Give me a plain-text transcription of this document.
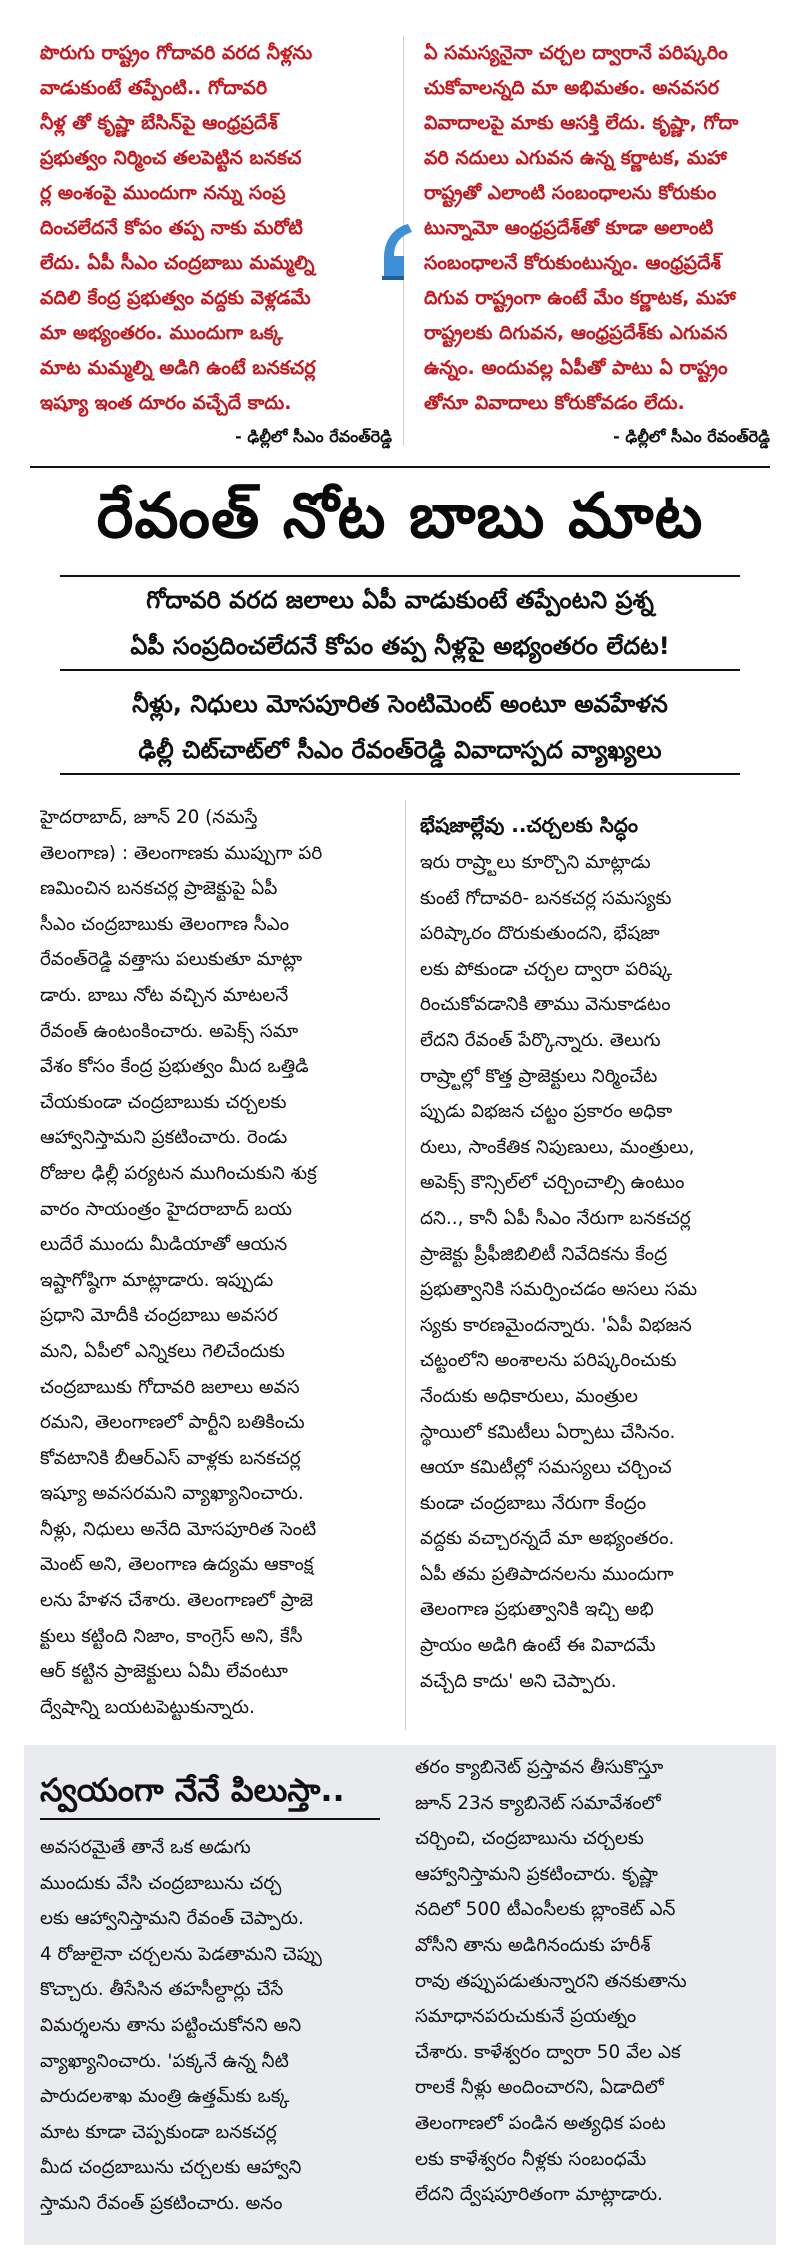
పొరుగు రాష్ట్రం గోదావరి వరద నీళ్లను

వాడుకుంటే తప్పేంటి.. గోదావరి

నీళ్ల తో కృష్ణా బేసిన్‌పై ఆంధ్రప్రదేశ్

ప్రభుత్వం నిర్మించ తలపెట్టిన బనకచ

ర్ల అంశంపై ముందుగా నన్ను సంప్ర

దించలేదనే కోపం తప్ప నాకు మరోటి

లేదు. ఏపీ సీఎం చంద్రబాబు మమ్మల్ని

వదిలి కేంద్ర ప్రభుత్వం వద్దకు వెళ్లడమే

మా అభ్యంతరం. ముందుగా ఒక్క

మాట మమ్మల్ని అడిగి ఉంటే బనకచర్ల

ఇష్యూ ఇంత దూరం వచ్చేదే కాదు.

- ఢిల్లీలో సీఎం రేవంత్‌రెడ్డి

ఏ సమస్యనైనా చర్చల ద్వారానే పరిష్కరిం

చుకోవాలన్నది మా అభిమతం. అనవసర

వివాదాలపై మాకు ఆసక్తి లేదు. కృష్ణా, గోదా

వరి నదులు ఎగువన ఉన్న కర్ణాటక, మహా

రాష్ట్రతో ఎలాంటి సంబంధాలను కోరుకుం

టున్నామో ఆంధ్రప్రదేశ్‌తో కూడా అలాంటి

సంబంధాలనే కోరుకుంటున్నం. ఆంధ్రప్రదేశ్

దిగువ రాష్ట్రంగా ఉంటే మేం కర్ణాటక, మహా

రాష్ట్రలకు దిగువన, ఆంధ్రప్రదేశ్‌కు ఎగువన

ఉన్నం. అందువల్ల ఏపీతో పాటు ఏ రాష్ట్రం

తోనూ వివాదాలు కోరుకోవడం లేదు.

- ఢిల్లీలో సీఎం రేవంత్‌రెడ్డి
రేవంత్ నోట బాబు మాట
గోదావరి వరద జలాలు ఏపీ వాడుకుంటే తప్పేంటని ప్రశ్న
ఏపీ సంప్రదించలేదనే కోపం తప్ప నీళ్లపై అభ్యంతరం లేదట!
నీళ్లు, నిధులు మోసపూరిత సెంటిమెంట్ అంటూ అవహేళన
ఢిల్లీ చిట్‌చాట్‌లో సీఎం రేవంత్‌రెడ్డి వివాదాస్పద వ్యాఖ్యలు

హైదరాబాద్, జూన్ 20 (నమస్తే

తెలంగాణ) : తెలంగాణకు ముప్పుగా పరి

ణమించిన బనకచర్ల ప్రాజెక్టుపై ఏపీ

సీఎం చంద్రబాబుకు తెలంగాణ సీఎం

రేవంత్‌రెడ్డి వత్తాసు పలుకుతూ మాట్లా

డారు. బాబు నోట వచ్చిన మాటలనే

రేవంత్ ఉంటంకించారు. అపెక్స్ సమా

వేశం కోసం కేంద్ర ప్రభుత్వం మీద ఒత్తిడి

చేయకుండా చంద్రబాబుకు చర్చలకు

ఆహ్వానిస్తామని ప్రకటించారు. రెండు

రోజుల ఢిల్లీ పర్యటన ముగించుకుని శుక్ర

వారం సాయంత్రం హైదరాబాద్ బయ

లుదేరే ముందు మీడియాతో ఆయన

ఇష్టాగోష్ఠిగా మాట్లాడారు. ఇప్పుడు

ప్రధాని మోదీకి చంద్రబాబు అవసర

మని, ఏపీలో ఎన్నికలు గెలిచేందుకు

చంద్రబాబుకు గోదావరి జలాలు అవస

రమని, తెలంగాణలో పార్టీని బతికించు

కోవటానికి బీఆర్‌ఎస్ వాళ్లకు బనకచర్ల

ఇష్యూ అవసరమని వ్యాఖ్యానించారు.

నీళ్లు, నిధులు అనేది మోసపూరిత సెంటి

మెంట్ అని, తెలంగాణ ఉద్యమ ఆకాంక్ష

లను హేళన చేశారు. తెలంగాణలో ప్రాజె

క్టులు కట్టింది నిజాం, కాంగ్రెస్ అని, కేసీ

ఆర్ కట్టిన ప్రాజెక్టులు ఏమీ లేవంటూ

ద్వేషాన్ని బయటపెట్టుకున్నారు.

భేషజాల్లేవు ..చర్చలకు సిద్ధం

ఇరు రాష్ర్టాలు కూర్చొని మాట్లాడు

కుంటే గోదావరి- బనకచర్ల సమస్యకు

పరిష్కారం దొరుకుతుందని, భేషజా

లకు పోకుండా చర్చల ద్వారా పరిష్క

రించుకోవడానికి తాము వెనుకాడటం

లేదని రేవంత్ పేర్కొన్నారు. తెలుగు

రాష్ర్టాల్లో కొత్త ప్రాజెక్టులు నిర్మించేట

ప్పుడు విభజన చట్టం ప్రకారం అధికా

రులు, సాంకేతిక నిపుణులు, మంత్రులు,

అపెక్స్ కౌన్సిల్‌లో చర్చించాల్సి ఉంటుం

దని.., కానీ ఏపీ సీఎం నేరుగా బనకచర్ల

ప్రాజెక్టు ప్రీఫీజిబిలిటీ నివేదికను కేంద్ర

ప్రభుత్వానికి సమర్పించడం అసలు సమ

స్యకు కారణమైందన్నారు. 'ఏపీ విభజన

చట్టంలోని అంశాలను పరిష్కరించుకు

నేందుకు అధికారులు, మంత్రుల

స్థాయిలో కమిటీలు ఏర్పాటు చేసినం.

ఆయా కమిటీల్లో సమస్యలు చర్చించ

కుండా చంద్రబాబు నేరుగా కేంద్రం

వద్దకు వచ్చారన్నదే మా అభ్యంతరం.

ఏపీ తమ ప్రతిపాదనలను ముందుగా

తెలంగాణ ప్రభుత్వానికి ఇచ్చి అభి

ప్రాయం అడిగి ఉంటే ఈ వివాదమే

వచ్చేది కాదు' అని చెప్పారు.

స్వయంగా నేనే పిలుస్తా..

అవసరమైతే తానే ఒక అడుగు

ముందుకు వేసి చంద్రబాబును చర్చ

లకు ఆహ్వానిస్తామని రేవంత్ చెప్పారు.

4 రోజులైనా చర్చలను పెడతామని చెప్పు

కొచ్చారు. తీసేసిన తహసీల్దార్లు చేసే

విమర్శలను తాను పట్టించుకోనని అని

వ్యాఖ్యానించారు. 'పక్కనే ఉన్న నీటి

పారుదలశాఖ మంత్రి ఉత్తమ్‌కు ఒక్క

మాట కూడా చెప్పకుండా బనకచర్ల

మీద చంద్రబాబును చర్చలకు ఆహ్వాని

స్తామని రేవంత్ ప్రకటించారు. అనం

తరం క్యాబినెట్ ప్రస్తావన తీసుకొస్తూ

జూన్ 23న క్యాబినెట్ సమావేశంలో

చర్చించి, చంద్రబాబును చర్చలకు

ఆహ్వానిస్తామని ప్రకటించారు. కృష్ణా

నదిలో 500 టీఎంసీలకు బ్లాంకెట్ ఎన్

వోసీని తాను అడిగినందుకు హరీశ్

రావు తప్పుపడుతున్నారని తనకుతాను

సమాధానపరుచుకునే ప్రయత్నం

చేశారు. కాళేశ్వరం ద్వారా 50 వేల ఎక

రాలకే నీళ్లు అందించారని, ఏడాదిలో

తెలంగాణలో పండిన అత్యధిక పంట

లకు కాళేశ్వరం నీళ్లకు సంబంధమే

లేదని ద్వేషపూరితంగా మాట్లాడారు.
